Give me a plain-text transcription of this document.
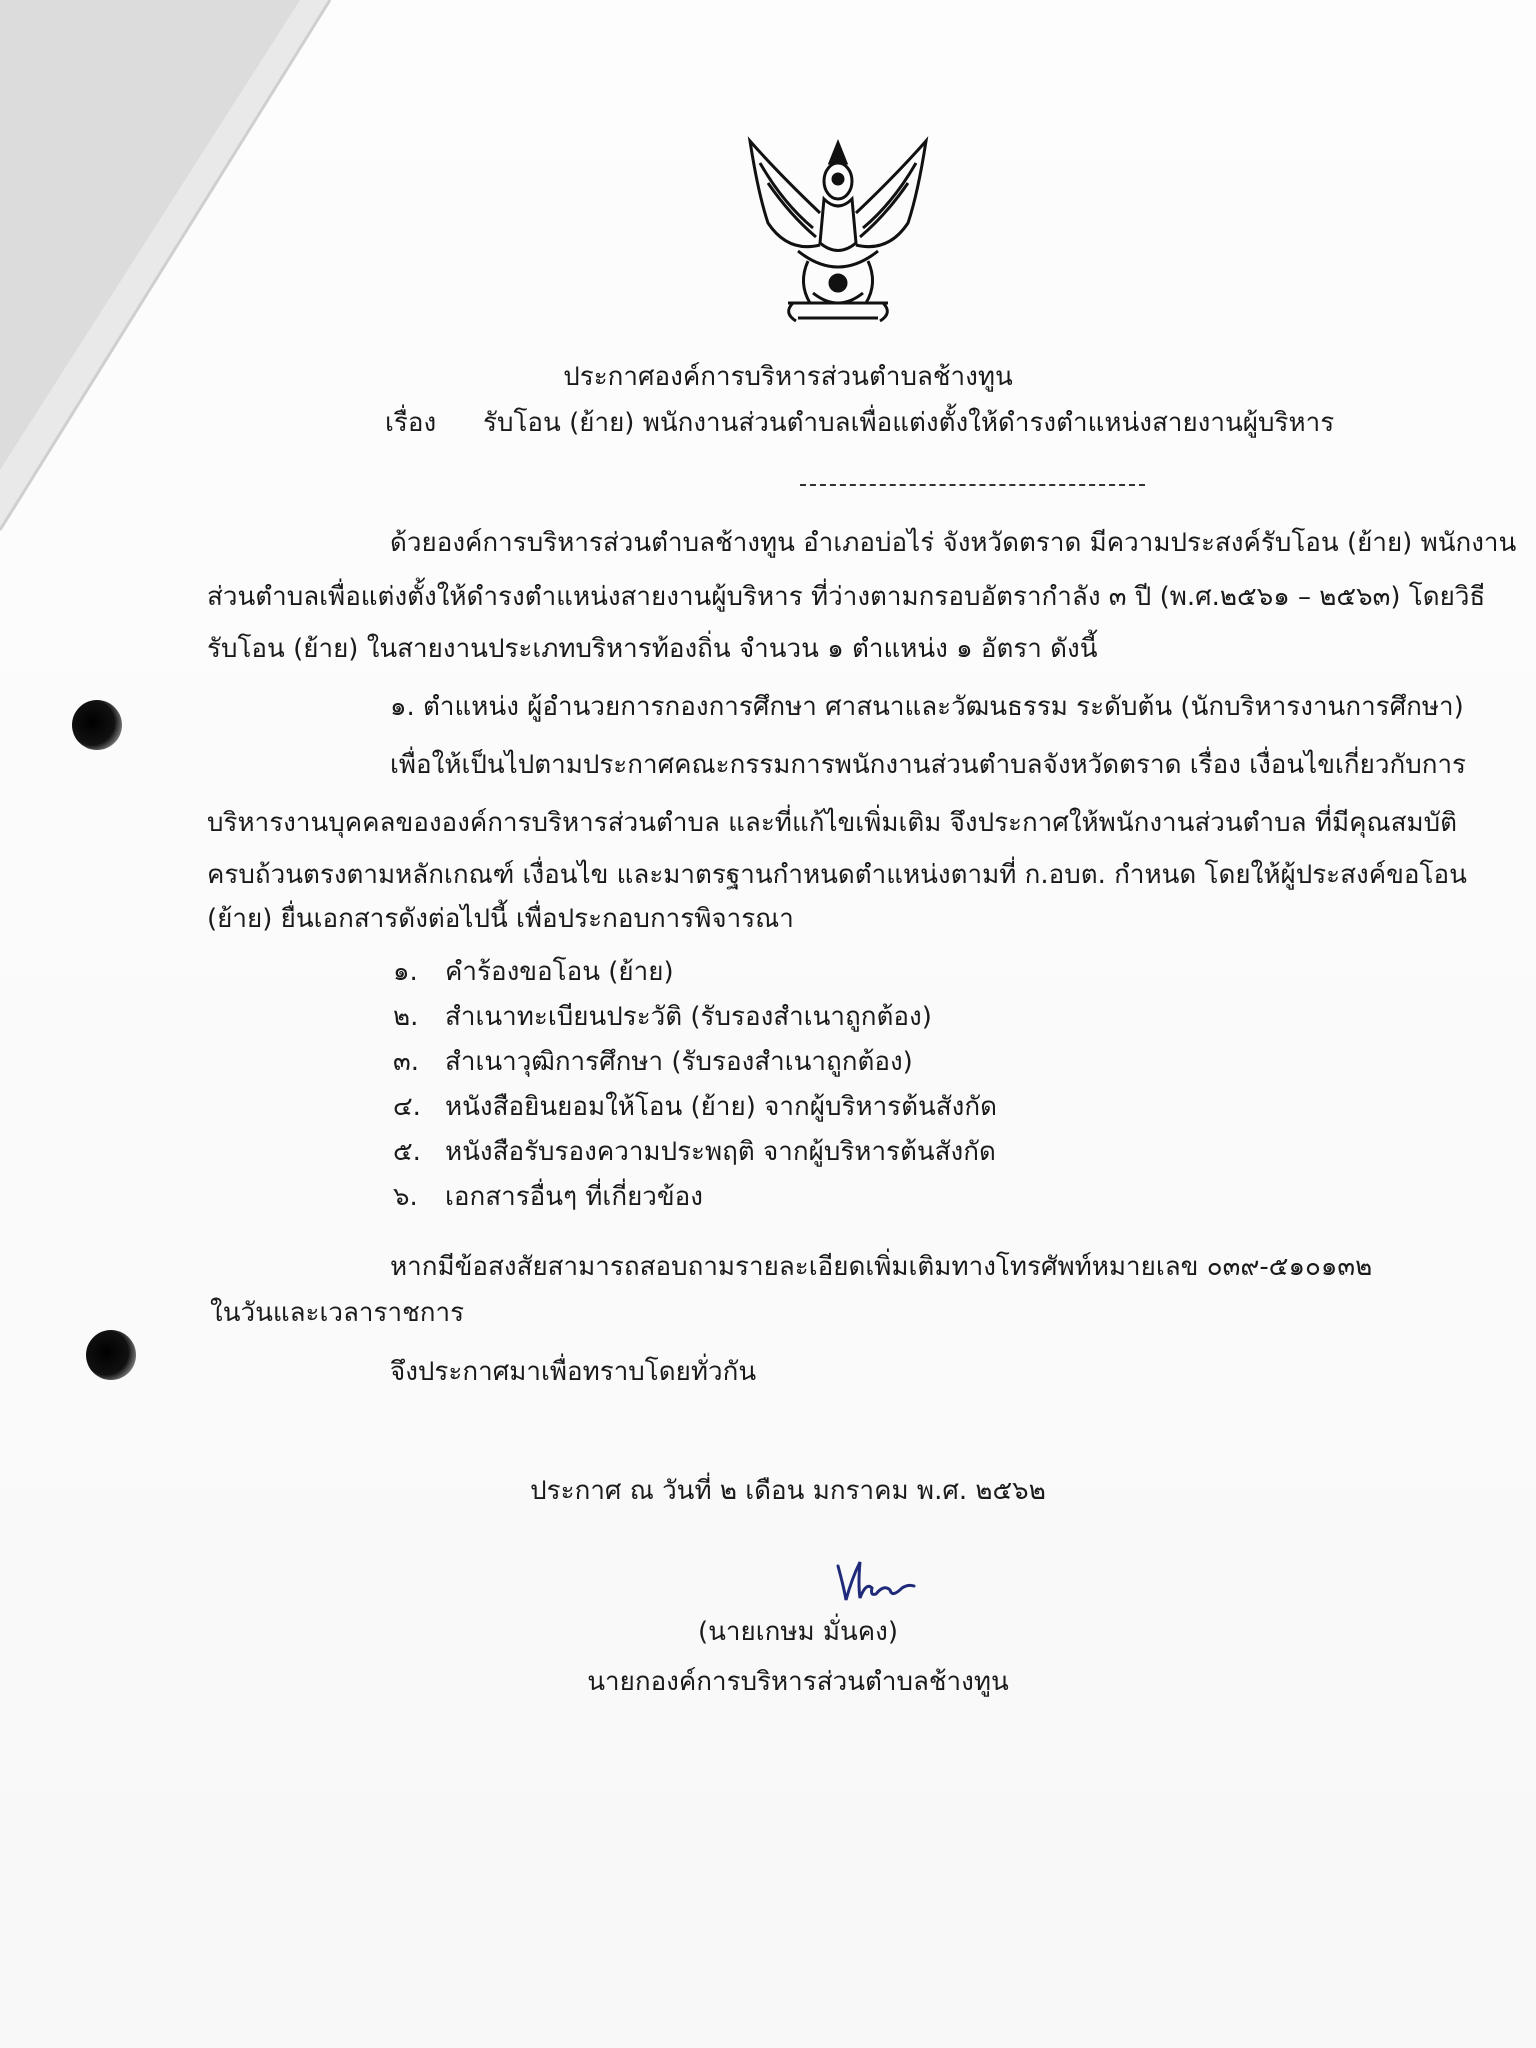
ประกาศองค์การบริหารส่วนตำบลช้างทูน
เรื่อง รับโอน (ย้าย) พนักงานส่วนตำบลเพื่อแต่งตั้งให้ดำรงตำแหน่งสายงานผู้บริหาร
ด้วยองค์การบริหารส่วนตำบลช้างทูน อำเภอบ่อไร่ จังหวัดตราด มีความประสงค์รับโอน (ย้าย) พนักงาน
ส่วนตำบลเพื่อแต่งตั้งให้ดำรงตำแหน่งสายงานผู้บริหาร ที่ว่างตามกรอบอัตรากำลัง ๓ ปี (พ.ศ.๒๕๖๑ – ๒๕๖๓) โดยวิธี
รับโอน (ย้าย) ในสายงานประเภทบริหารท้องถิ่น จำนวน ๑ ตำแหน่ง ๑ อัตรา ดังนี้
๑. ตำแหน่ง ผู้อำนวยการกองการศึกษา ศาสนาและวัฒนธรรม ระดับต้น (นักบริหารงานการศึกษา)
เพื่อให้เป็นไปตามประกาศคณะกรรมการพนักงานส่วนตำบลจังหวัดตราด เรื่อง เงื่อนไขเกี่ยวกับการ
บริหารงานบุคคลขององค์การบริหารส่วนตำบล และที่แก้ไขเพิ่มเติม จึงประกาศให้พนักงานส่วนตำบล ที่มีคุณสมบัติ
ครบถ้วนตรงตามหลักเกณฑ์ เงื่อนไข และมาตรฐานกำหนดตำแหน่งตามที่ ก.อบต. กำหนด โดยให้ผู้ประสงค์ขอโอน
(ย้าย) ยื่นเอกสารดังต่อไปนี้ เพื่อประกอบการพิจารณา
๑. คำร้องขอโอน (ย้าย)
๒. สำเนาทะเบียนประวัติ (รับรองสำเนาถูกต้อง)
๓. สำเนาวุฒิการศึกษา (รับรองสำเนาถูกต้อง)
๔. หนังสือยินยอมให้โอน (ย้าย) จากผู้บริหารต้นสังกัด
๕. หนังสือรับรองความประพฤติ จากผู้บริหารต้นสังกัด
๖. เอกสารอื่นๆ ที่เกี่ยวข้อง
หากมีข้อสงสัยสามารถสอบถามรายละเอียดเพิ่มเติมทางโทรศัพท์หมายเลข ๐๓๙-๕๑๐๑๓๒
ในวันและเวลาราชการ
จึงประกาศมาเพื่อทราบโดยทั่วกัน
ประกาศ ณ วันที่ ๒ เดือน มกราคม พ.ศ. ๒๕๖๒
(นายเกษม มั่นคง)
นายกองค์การบริหารส่วนตำบลช้างทูน
